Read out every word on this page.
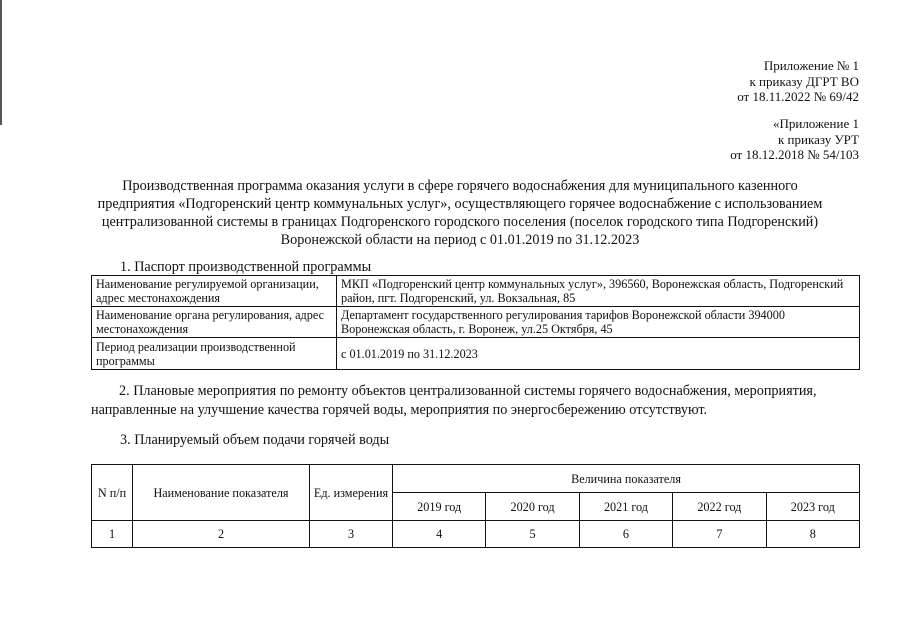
Приложение № 1
к приказу ДГРТ ВО
от 18.11.2022 № 69/42
«Приложение 1
к приказу УРТ
от 18.12.2018 № 54/103
Производственная программа оказания услуги в сфере горячего водоснабжения для муниципального казенного предприятия «Подгоренский центр коммунальных услуг», осуществляющего горячее водоснабжение с использованием централизованной системы в границах Подгоренского городского поселения (поселок городского типа Подгоренский) Воронежской области на период с 01.01.2019 по 31.12.2023
1. Паспорт производственной программы
Наименование регулируемой организации, адрес местонахождения	МКП «Подгоренский центр коммунальных услуг», 396560, Воронежская область, Подгоренский район, пгт. Подгоренский, ул. Вокзальная, 85
Наименование органа регулирования, адрес местонахождения	Департамент государственного регулирования тарифов Воронежской области 394000 Воронежская область, г. Воронеж, ул.25 Октября, 45
Период реализации производственной программы	с 01.01.2019 по 31.12.2023
2. Плановые мероприятия по ремонту объектов централизованной системы горячего водоснабжения, мероприятия, направленные на улучшение качества горячей воды, мероприятия по энергосбережению отсутствуют.
3. Планируемый объем подачи горячей воды
N п/п	Наименование показателя	Ед. измерения	Величина показателя				
			2019 год	2020 год	2021 год	2022 год	2023 год
1	2	3	4	5	6	7	8
